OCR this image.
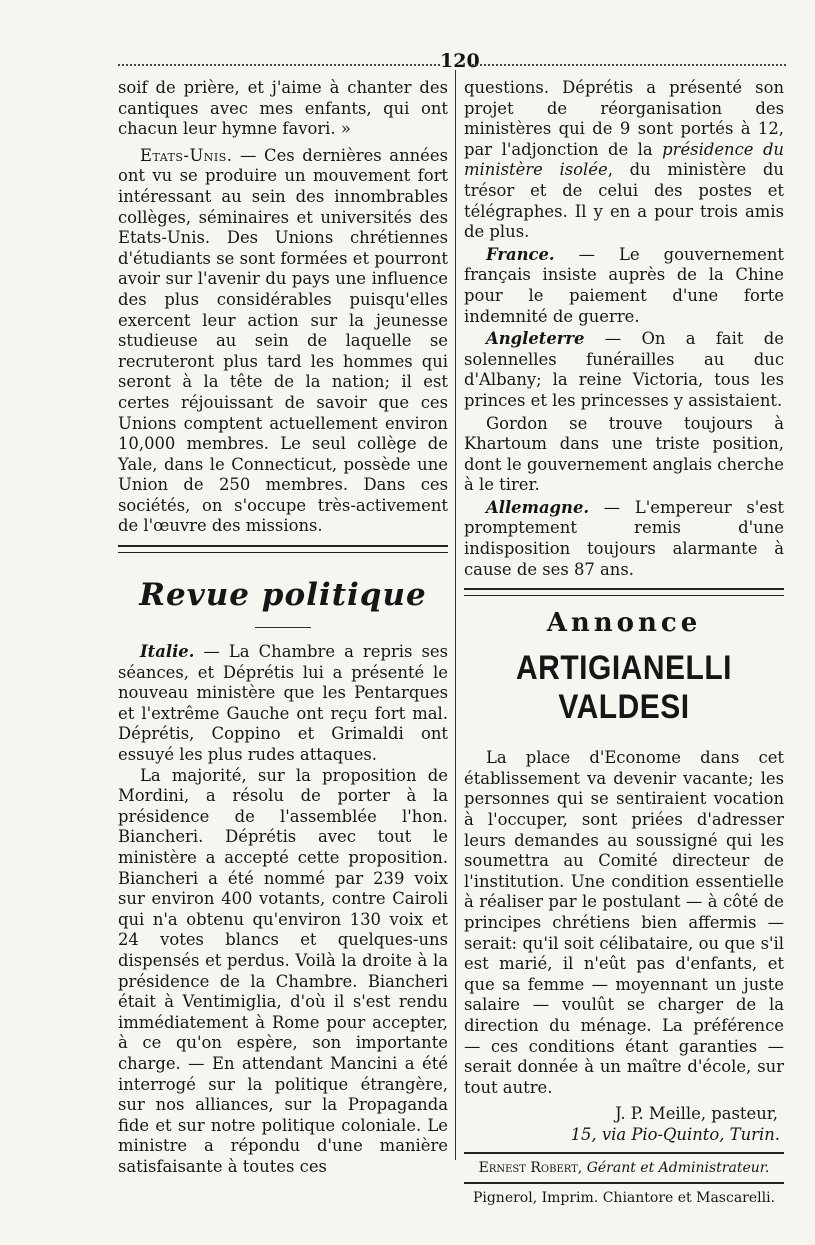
120

soif de prière, et j'aime à chanter des cantiques avec mes enfants, qui ont chacun leur hymne favori. »

Etats-Unis. — Ces dernières années ont vu se produire un mouvement fort intéressant au sein des innombrables collèges, séminaires et universités des Etats-Unis. Des Unions chrétiennes d'étudiants se sont formées et pourront avoir sur l'avenir du pays une influence des plus considérables puisqu'elles exercent leur action sur la jeunesse studieuse au sein de laquelle se recruteront plus tard les hommes qui seront à la tête de la nation; il est certes réjouissant de savoir que ces Unions comptent actuellement environ 10,000 membres. Le seul collège de Yale, dans le Connecticut, possède une Union de 250 membres. Dans ces sociétés, on s'occupe très-activement de l'œuvre des missions.

Revue politique

Italie. — La Chambre a repris ses séances, et Déprétis lui a présenté le nouveau ministère que les Pentarques et l'extrême Gauche ont reçu fort mal. Déprétis, Coppino et Grimaldi ont essuyé les plus rudes attaques.

La majorité, sur la proposition de Mordini, a résolu de porter à la présidence de l'assemblée l'hon. Biancheri. Déprétis avec tout le ministère a accepté cette proposition. Biancheri a été nommé par 239 voix sur environ 400 votants, contre Cairoli qui n'a obtenu qu'environ 130 voix et 24 votes blancs et quelques-uns dispensés et perdus. Voilà la droite à la présidence de la Chambre. Biancheri était à Ventimiglia, d'où il s'est rendu immédiatement à Rome pour accepter, à ce qu'on espère, son importante charge. — En attendant Mancini a été interrogé sur la politique étrangère, sur nos alliances, sur la Propaganda fide et sur notre politique coloniale. Le ministre a répondu d'une manière satisfaisante à toutes ces

questions. Déprétis a présenté son projet de réorganisation des ministères qui de 9 sont portés à 12, par l'adjonction de la présidence du ministère isolée, du ministère du trésor et de celui des postes et télégraphes. Il y en a pour trois amis de plus.

France. — Le gouvernement français insiste auprès de la Chine pour le paiement d'une forte indemnité de guerre.

Angleterre — On a fait de solennelles funérailles au duc d'Albany; la reine Victoria, tous les princes et les princesses y assistaient.

Gordon se trouve toujours à Khartoum dans une triste position, dont le gouvernement anglais cherche à le tirer.

Allemagne. — L'empereur s'est promptement remis d'une indisposition toujours alarmante à cause de ses 87 ans.

Annonce
ARTIGIANELLI VALDESI

La place d'Econome dans cet établissement va devenir vacante; les personnes qui se sentiraient vocation à l'occuper, sont priées d'adresser leurs demandes au soussigné qui les soumettra au Comité directeur de l'institution. Une condition essentielle à réaliser par le postulant — à côté de principes chrétiens bien affermis — serait: qu'il soit célibataire, ou que s'il est marié, il n'eût pas d'enfants, et que sa femme — moyennant un juste salaire — voulût se charger de la direction du ménage. La préférence — ces conditions étant garanties — serait donnée à un maître d'école, sur tout autre.

J. P. Meille, pasteur,

15, via Pio-Quinto, Turin.

Ernest Robert, Gérant et Administrateur.
Pignerol, Imprim. Chiantore et Mascarelli.
